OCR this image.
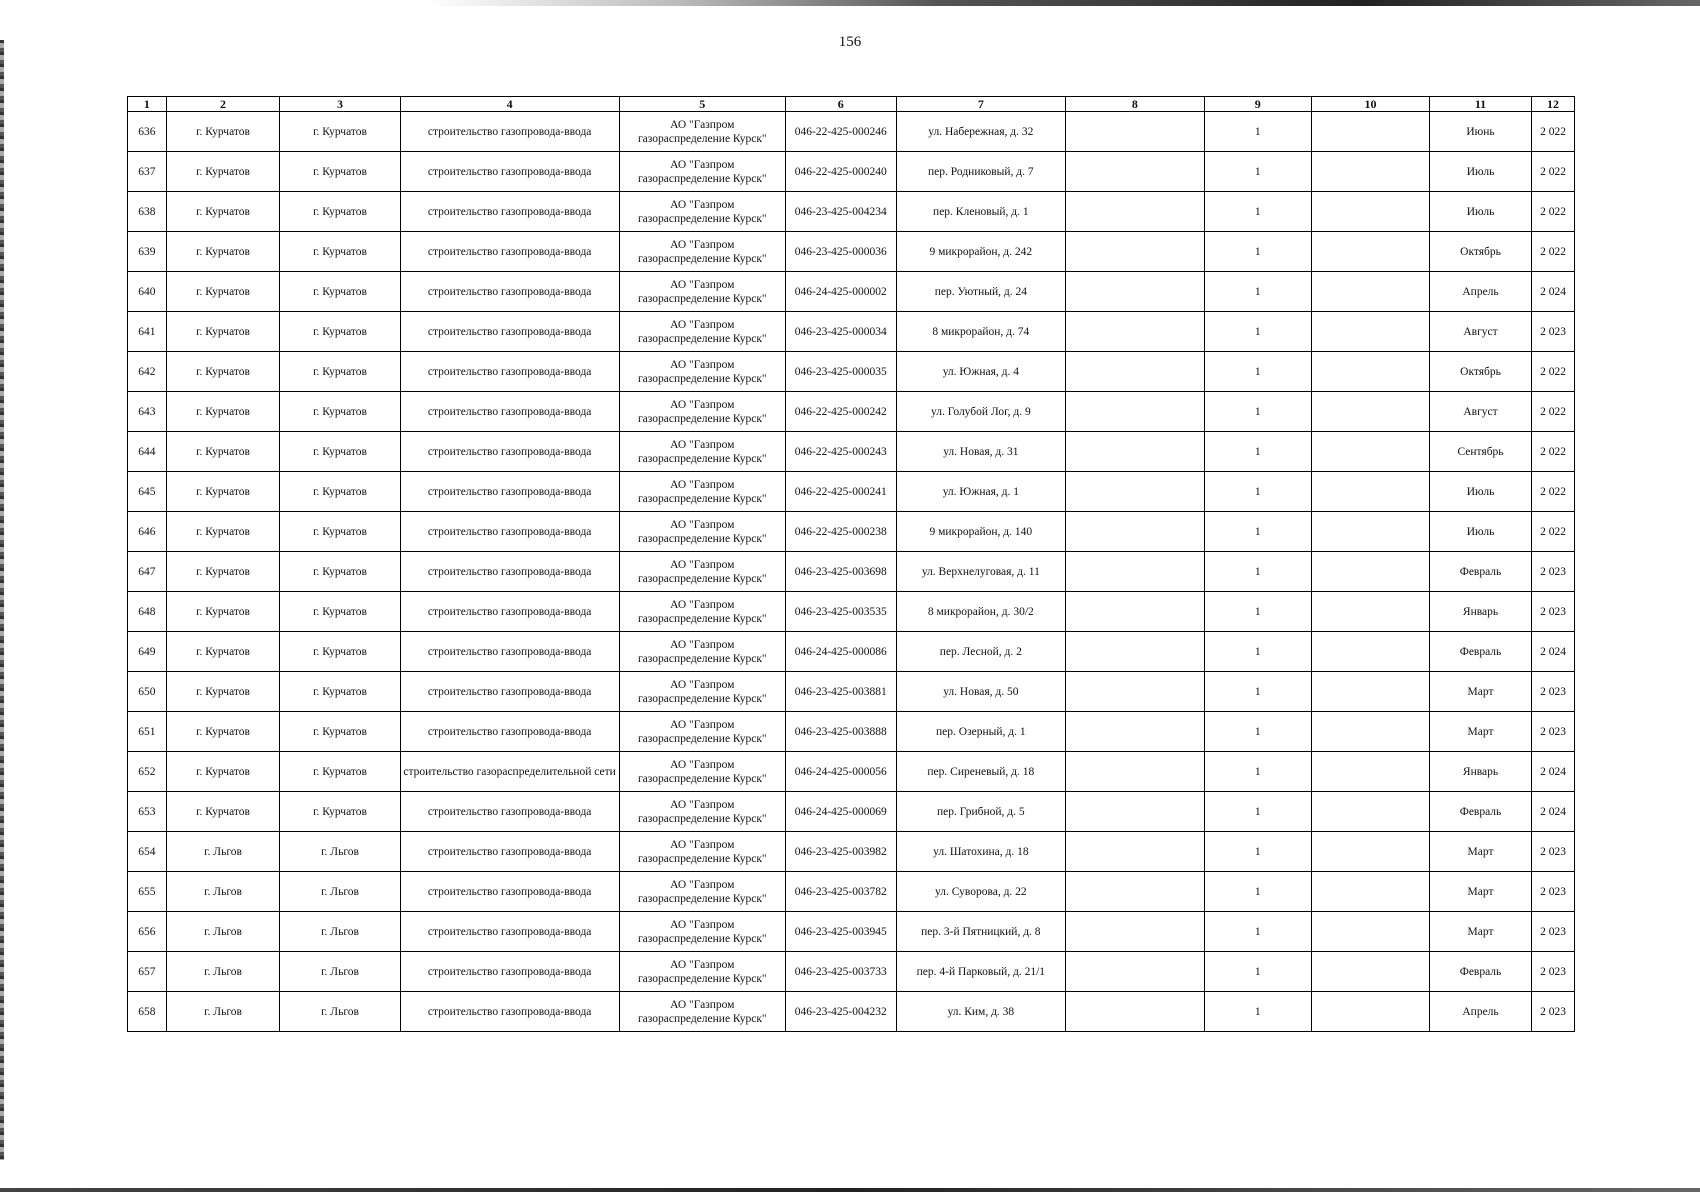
156
1	2	3	4	5	6	7	8	9	10	11	12
636	г. Курчатов	г. Курчатов	строительство газопровода-ввода	АО "Газпром
газораспределение Курск"	046-22-425-000246	ул. Набережная, д. 32		1		Июнь	2 022
637	г. Курчатов	г. Курчатов	строительство газопровода-ввода	АО "Газпром
газораспределение Курск"	046-22-425-000240	пер. Родниковый, д. 7		1		Июль	2 022
638	г. Курчатов	г. Курчатов	строительство газопровода-ввода	АО "Газпром
газораспределение Курск"	046-23-425-004234	пер. Кленовый, д. 1		1		Июль	2 022
639	г. Курчатов	г. Курчатов	строительство газопровода-ввода	АО "Газпром
газораспределение Курск"	046-23-425-000036	9 микрорайон, д. 242		1		Октябрь	2 022
640	г. Курчатов	г. Курчатов	строительство газопровода-ввода	АО "Газпром
газораспределение Курск"	046-24-425-000002	пер. Уютный, д. 24		1		Апрель	2 024
641	г. Курчатов	г. Курчатов	строительство газопровода-ввода	АО "Газпром
газораспределение Курск"	046-23-425-000034	8 микрорайон, д. 74		1		Август	2 023
642	г. Курчатов	г. Курчатов	строительство газопровода-ввода	АО "Газпром
газораспределение Курск"	046-23-425-000035	ул. Южная, д. 4		1		Октябрь	2 022
643	г. Курчатов	г. Курчатов	строительство газопровода-ввода	АО "Газпром
газораспределение Курск"	046-22-425-000242	ул. Голубой Лог, д. 9		1		Август	2 022
644	г. Курчатов	г. Курчатов	строительство газопровода-ввода	АО "Газпром
газораспределение Курск"	046-22-425-000243	ул. Новая, д. 31		1		Сентябрь	2 022
645	г. Курчатов	г. Курчатов	строительство газопровода-ввода	АО "Газпром
газораспределение Курск"	046-22-425-000241	ул. Южная, д. 1		1		Июль	2 022
646	г. Курчатов	г. Курчатов	строительство газопровода-ввода	АО "Газпром
газораспределение Курск"	046-22-425-000238	9 микрорайон, д. 140		1		Июль	2 022
647	г. Курчатов	г. Курчатов	строительство газопровода-ввода	АО "Газпром
газораспределение Курск"	046-23-425-003698	ул. Верхнелуговая, д. 11		1		Февраль	2 023
648	г. Курчатов	г. Курчатов	строительство газопровода-ввода	АО "Газпром
газораспределение Курск"	046-23-425-003535	8 микрорайон, д. 30/2		1		Январь	2 023
649	г. Курчатов	г. Курчатов	строительство газопровода-ввода	АО "Газпром
газораспределение Курск"	046-24-425-000086	пер. Лесной, д. 2		1		Февраль	2 024
650	г. Курчатов	г. Курчатов	строительство газопровода-ввода	АО "Газпром
газораспределение Курск"	046-23-425-003881	ул. Новая, д. 50		1		Март	2 023
651	г. Курчатов	г. Курчатов	строительство газопровода-ввода	АО "Газпром
газораспределение Курск"	046-23-425-003888	пер. Озерный, д. 1		1		Март	2 023
652	г. Курчатов	г. Курчатов	строительство газораспределительной сети	АО "Газпром
газораспределение Курск"	046-24-425-000056	пер. Сиреневый, д. 18		1		Январь	2 024
653	г. Курчатов	г. Курчатов	строительство газопровода-ввода	АО "Газпром
газораспределение Курск"	046-24-425-000069	пер. Грибной, д. 5		1		Февраль	2 024
654	г. Льгов	г. Льгов	строительство газопровода-ввода	АО "Газпром
газораспределение Курск"	046-23-425-003982	ул. Шатохина, д. 18		1		Март	2 023
655	г. Льгов	г. Льгов	строительство газопровода-ввода	АО "Газпром
газораспределение Курск"	046-23-425-003782	ул. Суворова, д. 22		1		Март	2 023
656	г. Льгов	г. Льгов	строительство газопровода-ввода	АО "Газпром
газораспределение Курск"	046-23-425-003945	пер. 3-й Пятницкий, д. 8		1		Март	2 023
657	г. Льгов	г. Льгов	строительство газопровода-ввода	АО "Газпром
газораспределение Курск"	046-23-425-003733	пер. 4-й Парковый, д. 21/1		1		Февраль	2 023
658	г. Льгов	г. Льгов	строительство газопровода-ввода	АО "Газпром
газораспределение Курск"	046-23-425-004232	ул. Ким, д. 38		1		Апрель	2 023
